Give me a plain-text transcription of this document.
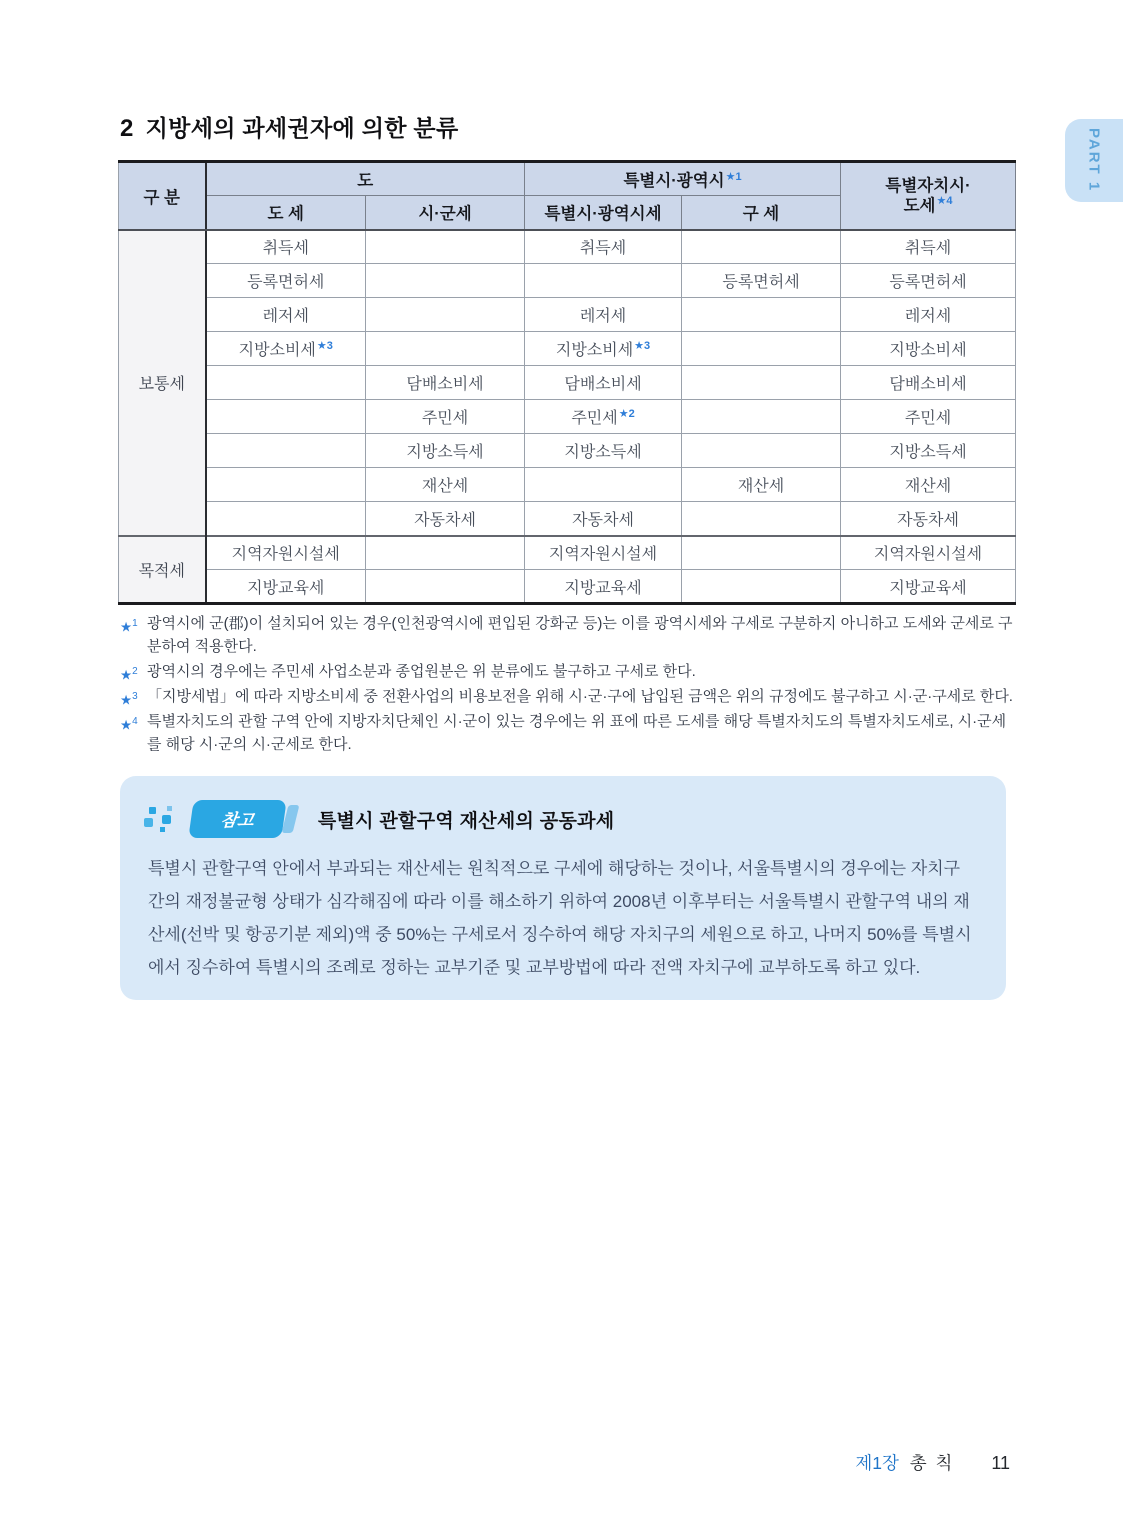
PART 1
2 지방세의 과세권자에 의한 분류
구 분	도		특별시·광역시$^{★1}$		특별자치시·
도세$^{★4}$

	도 세	시·군세	특별시·광역시세	구 세	
보통세	취득세		취득세		취득세
	등록면허세			등록면허세	등록면허세
	레저세		레저세		레저세
	지방소비세$^{★3}$		지방소비세$^{★3}$		지방소비세
		담배소비세	담배소비세		담배소비세
		주민세	주민세$^{★2}$		주민세
		지방소득세	지방소득세		지방소득세
		재산세		재산세	재산세
		자동차세	자동차세		자동차세
목적세	지역자원시설세		지역자원시설세		지역자원시설세
	지방교육세		지방교육세		지방교육세
★$^1$ 광역시에 군(郡)이 설치되어 있는 경우(인천광역시에 편입된 강화군 등)는 이를 광역시세와 구세로 구분하지 아니하고 도세와 군세로 구분하여 적용한다.
★$^2$ 광역시의 경우에는 주민세 사업소분과 종업원분은 위 분류에도 불구하고 구세로 한다.
★$^3$ 「지방세법」에 따라 지방소비세 중 전환사업의 비용보전을 위해 시·군·구에 납입된 금액은 위의 규정에도 불구하고 시·군·구세로 한다.
★$^4$ 특별자치도의 관할 구역 안에 지방자치단체인 시·군이 있는 경우에는 위 표에 따른 도세를 해당 특별자치도의 특별자치도세로, 시·군세를 해당 시·군의 시·군세로 한다.
참고	특별시 관할구역 재산세의 공동과세
특별시 관할구역 안에서 부과되는 재산세는 원칙적으로 구세에 해당하는 것이나, 서울특별시의 경우에는 자치구 간의 재정불균형 상태가 심각해짐에 따라 이를 해소하기 위하여 2008년 이후부터는 서울특별시 관할구역 내의 재산세(선박 및 항공기분 제외)액 중 50%는 구세로서 징수하여 해당 자치구의 세원으로 하고, 나머지 50%를 특별시에서 징수하여 특별시의 조례로 정하는 교부기준 및 교부방법에 따라 전액 자치구에 교부하도록 하고 있다.
제1장 총 칙 11
